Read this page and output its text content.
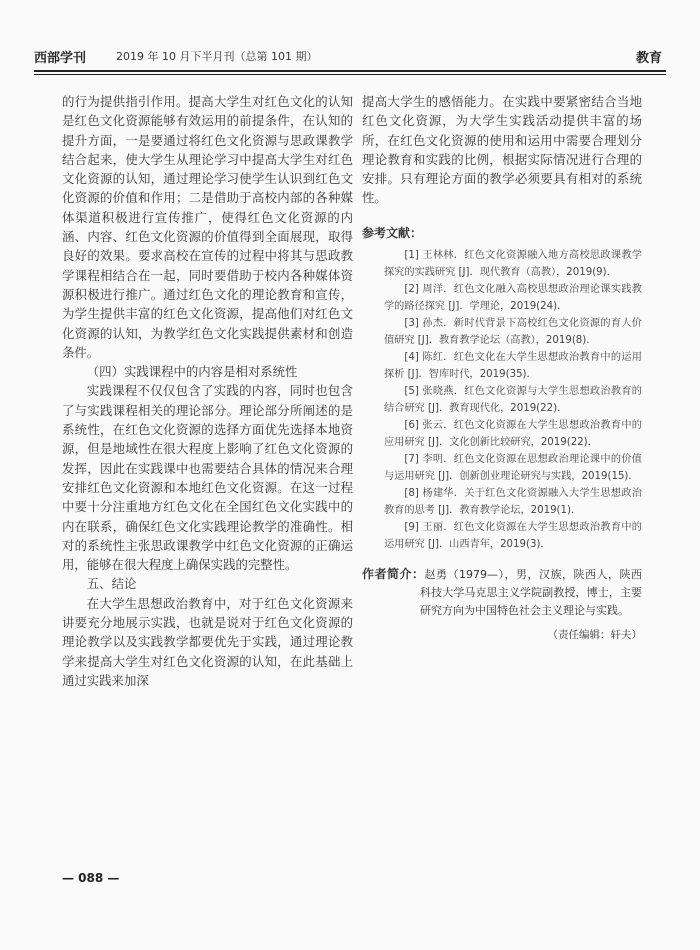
西部学刊	2019 年 10 月下半月刊（总第 101 期）	教育

的行为提供指引作用。提高大学生对红色文化的认知是红色文化资源能够有效运用的前提条件，在认知的提升方面，一是要通过将红色文化资源与思政课教学结合起来，使大学生从理论学习中提高大学生对红色文化资源的认知，通过理论学习使学生认识到红色文化资源的价值和作用；二是借助于高校内部的各种媒体渠道积极进行宣传推广，使得红色文化资源的内涵、内容、红色文化资源的价值得到全面展现，取得良好的效果。要求高校在宣传的过程中将其与思政教学课程相结合在一起，同时要借助于校内各种媒体资源积极进行推广。通过红色文化的理论教育和宣传，为学生提供丰富的红色文化资源，提高他们对红色文化资源的认知，为教学红色文化实践提供素材和创造条件。

（四）实践课程中的内容是相对系统性

实践课程不仅仅包含了实践的内容，同时也包含了与实践课程相关的理论部分。理论部分所阐述的是系统性，在红色文化资源的选择方面优先选择本地资源，但是地域性在很大程度上影响了红色文化资源的发挥，因此在实践课中也需要结合具体的情况来合理安排红色文化资源和本地红色文化资源。在这一过程中要十分注重地方红色文化在全国红色文化实践中的内在联系，确保红色文化实践理论教学的准确性。相对的系统性主张思政课教学中红色文化资源的正确运用，能够在很大程度上确保实践的完整性。

五、结论

在大学生思想政治教育中，对于红色文化资源来讲要充分地展示实践，也就是说对于红色文化资源的理论教学以及实践教学都要优先于实践，通过理论教学来提高大学生对红色文化资源的认知，在此基础上通过实践来加深

提高大学生的感悟能力。在实践中要紧密结合当地红色文化资源，为大学生实践活动提供丰富的场所，在红色文化资源的使用和运用中需要合理划分理论教育和实践的比例，根据实际情况进行合理的安排。只有理论方面的教学必须要具有相对的系统性。

参考文献：

[1] 王林林．红色文化资源融入地方高校思政课教学探究的实践研究 [J]．现代教育（高教），2019(9)．

[2] 周洋．红色文化融入高校思想政治理论课实践教学的路径探究 [J]．学理论，2019(24)．

[3] 孙杰．新时代背景下高校红色文化资源的育人价值研究 [J]．教育教学论坛（高教），2019(8)．

[4] 陈红．红色文化在大学生思想政治教育中的运用探析 [J]．智库时代，2019(35)．

[5] 张晓燕．红色文化资源与大学生思想政治教育的结合研究 [J]．教育现代化，2019(22)．

[6] 张云．红色文化资源在大学生思想政治教育中的应用研究 [J]．文化创新比较研究，2019(22)．

[7] 李明．红色文化资源在思想政治理论课中的价值与运用研究 [J]．创新创业理论研究与实践，2019(15)．

[8] 杨建华．关于红色文化资源融入大学生思想政治教育的思考 [J]．教育教学论坛，2019(1)．

[9] 王丽．红色文化资源在大学生思想政治教育中的运用研究 [J]．山西青年，2019(3)．

作者简介：赵勇（1979—），男，汉族，陕西人，陕西科技大学马克思主义学院副教授，博士，主要研究方向为中国特色社会主义理论与实践。
（责任编辑：轩夫）
— 088 —
